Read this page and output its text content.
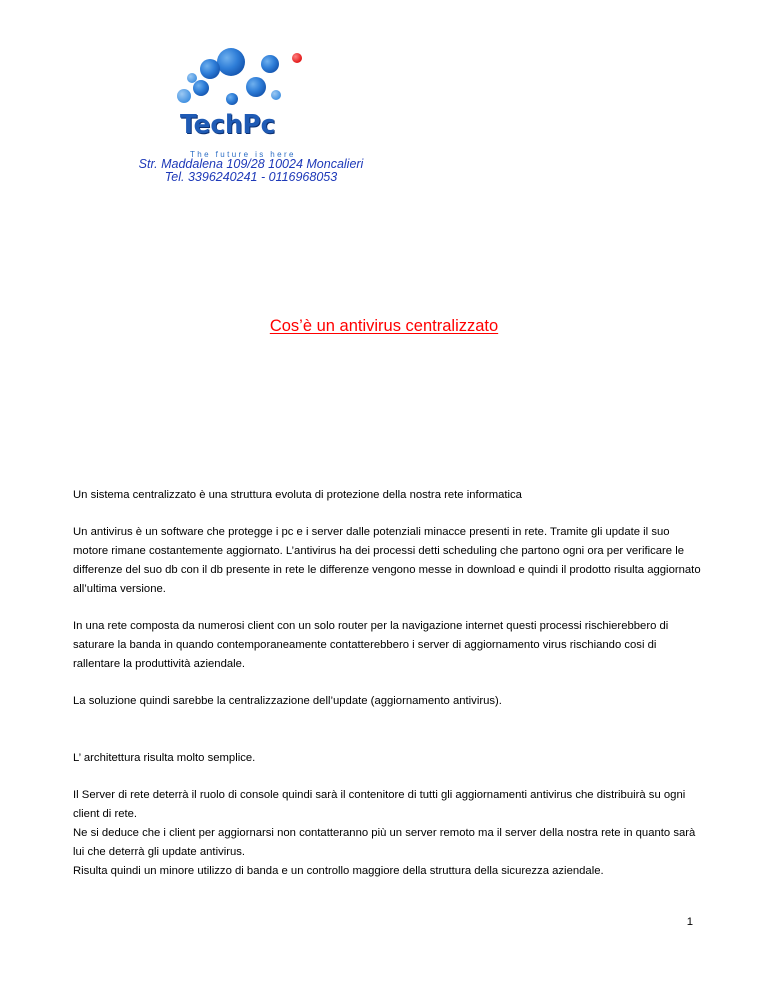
TechPc
The future is here
Str. Maddalena 109/28 10024 Moncalieri
Tel. 3396240241 - 0116968053
Cos’è un antivirus centralizzato

Un sistema centralizzato è una struttura evoluta di protezione della nostra rete informatica

Un antivirus è un software che protegge i pc e i server dalle potenziali minacce presenti in rete. Tramite gli update il suo motore rimane costantemente aggiornato. L’antivirus ha dei processi detti scheduling che partono ogni ora per verificare le differenze del suo db con il db presente in rete le differenze vengono messe in download e quindi il prodotto risulta aggiornato all’ultima versione.

In una rete composta da numerosi client con un solo router per la navigazione internet questi processi rischierebbero di saturare la banda in quando contemporaneamente contatterebbero i server di aggiornamento virus rischiando cosi di rallentare la produttività aziendale.

La soluzione quindi sarebbe la centralizzazione dell’update (aggiornamento antivirus).

L’ architettura risulta molto semplice.

Il Server di rete deterrà il ruolo di console quindi sarà il contenitore di tutti gli aggiornamenti antivirus che distribuirà su ogni client di rete.

Ne si deduce che i client per aggiornarsi non contatteranno più un server remoto ma il server della nostra rete in quanto sarà lui che deterrà gli update antivirus.

Risulta quindi un minore utilizzo di banda e un controllo maggiore della struttura della sicurezza aziendale.

1
